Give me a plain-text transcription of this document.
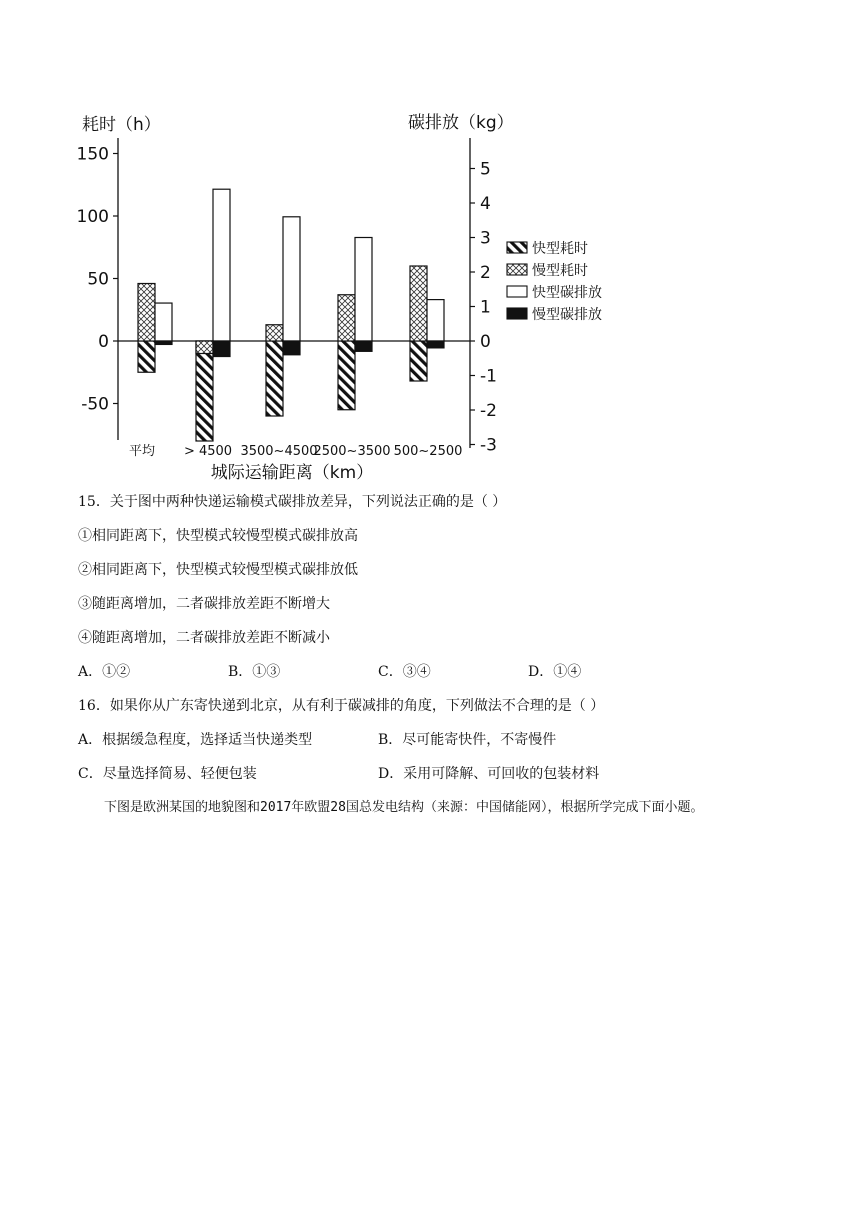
耗时（h）	碳排放（kg）
150
100
50
0
-50
5
4
3
2
1
0
-1
-2
-3
平均 > 4500 3500~4500
2500~3500 500~2500
城际运输距离（km）
快型耗时
慢型耗时
快型碳排放
慢型碳排放
15．关于图中两种快递运输模式碳排放差异，下列说法正确的是（ ）
①相同距离下，快型模式较慢型模式碳排放高
②相同距离下，快型模式较慢型模式碳排放低
③随距离增加，二者碳排放差距不断增大
④随距离增加，二者碳排放差距不断减小
A．①②	B．①③	C．③④	D．①④
16．如果你从广东寄快递到北京，从有利于碳减排的角度，下列做法不合理的是（ ）
A．根据缓急程度，选择适当快递类型	B．尽可能寄快件，不寄慢件
C．尽量选择简易、轻便包装	D．采用可降解、可回收的包装材料
下图是欧洲某国的地貌图和2017年欧盟28国总发电结构（来源：中国储能网），根据所学完成下面小题。
